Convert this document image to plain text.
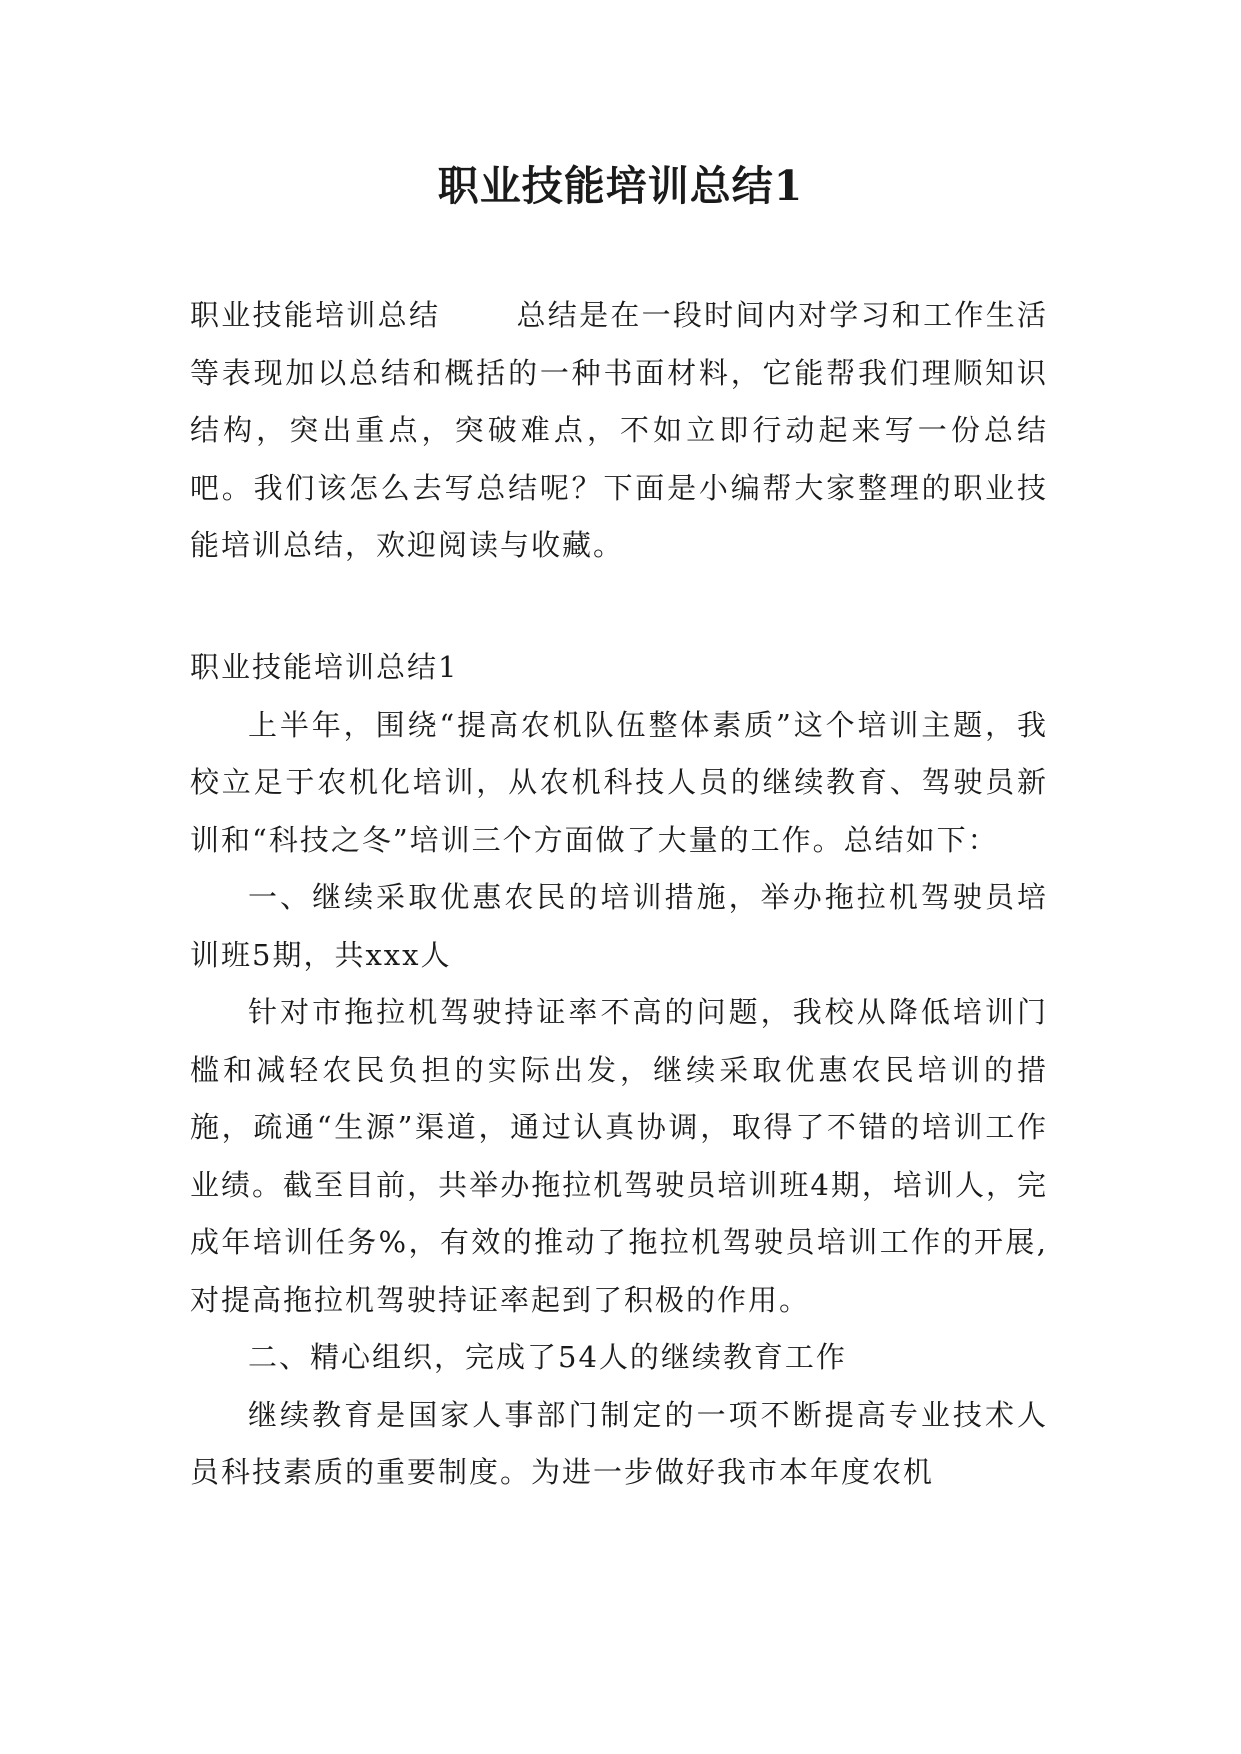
职业技能培训总结1

职业技能培训总结	总结是在一段时间内对学习和工作生活等表现加以总结和概括的一种书面材料，它能帮我们理顺知识结构，突出重点，突破难点，不如立即行动起来写一份总结吧。我们该怎么去写总结呢？下面是小编帮大家整理的职业技能培训总结，欢迎阅读与收藏。

职业技能培训总结1

上半年，围绕“提高农机队伍整体素质”这个培训主题，我校立足于农机化培训，从农机科技人员的继续教育、驾驶员新训和“科技之冬”培训三个方面做了大量的工作。总结如下：

一、继续采取优惠农民的培训措施，举办拖拉机驾驶员培训班5期，共xxx人

针对市拖拉机驾驶持证率不高的问题，我校从降低培训门槛和减轻农民负担的实际出发，继续采取优惠农民培训的措施，疏通“生源”渠道，通过认真协调，取得了不错的培训工作业绩。截至目前，共举办拖拉机驾驶员培训班4期，培训人，完成年培训任务%，有效的推动了拖拉机驾驶员培训工作的开展,对提高拖拉机驾驶持证率起到了积极的作用。

二、精心组织，完成了54人的继续教育工作

继续教育是国家人事部门制定的一项不断提高专业技术人员科技素质的重要制度。为进一步做好我市本年度农机
